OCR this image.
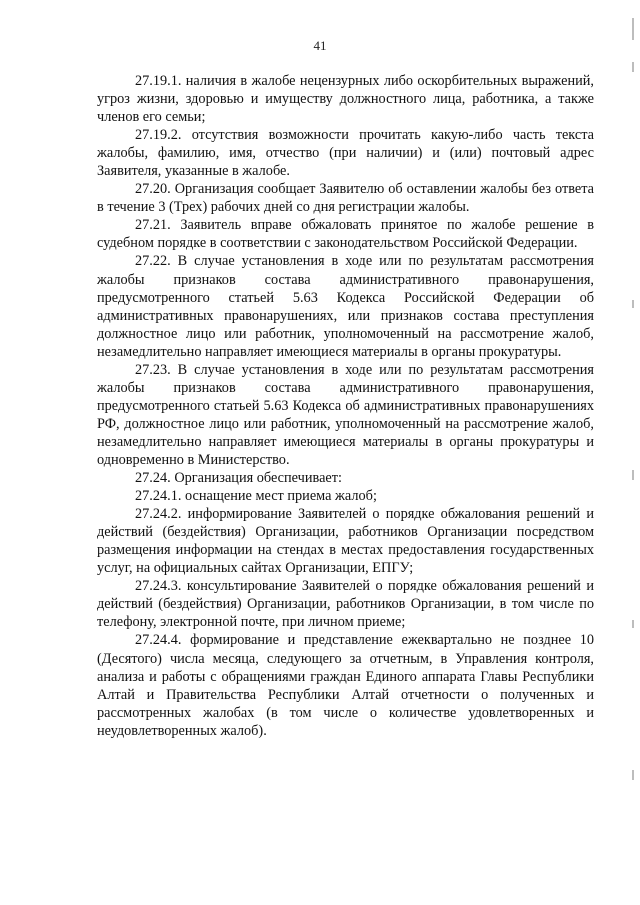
41

27.19.1. наличия в жалобе нецензурных либо оскорбительных выражений, угроз жизни, здоровью и имуществу должностного лица, работника, а также членов его семьи;

27.19.2. отсутствия возможности прочитать какую-либо часть текста жалобы, фамилию, имя, отчество (при наличии) и (или) почтовый адрес Заявителя, указанные в жалобе.

27.20. Организация сообщает Заявителю об оставлении жалобы без ответа в течение 3 (Трех) рабочих дней со дня регистрации жалобы.

27.21. Заявитель вправе обжаловать принятое по жалобе решение в судебном порядке в соответствии с законодательством Российской Федерации.

27.22. В случае установления в ходе или по результатам рассмотрения жалобы признаков состава административного правонарушения, предусмотренного статьей 5.63 Кодекса Российской Федерации об административных правонарушениях, или признаков состава преступления должностное лицо или работник, уполномоченный на рассмотрение жалоб, незамедлительно направляет имеющиеся материалы в органы прокуратуры.

27.23. В случае установления в ходе или по результатам рассмотрения жалобы признаков состава административного правонарушения, предусмотренного статьей 5.63 Кодекса об административных правонарушениях РФ, должностное лицо или работник, уполномоченный на рассмотрение жалоб, незамедлительно направляет имеющиеся материалы в органы прокуратуры и одновременно в Министерство.

27.24. Организация обеспечивает:

27.24.1. оснащение мест приема жалоб;

27.24.2. информирование Заявителей о порядке обжалования решений и действий (бездействия) Организации, работников Организации посредством размещения информации на стендах в местах предоставления государственных услуг, на официальных сайтах Организации, ЕПГУ;

27.24.3. консультирование Заявителей о порядке обжалования решений и действий (бездействия) Организации, работников Организации, в том числе по телефону, электронной почте, при личном приеме;

27.24.4. формирование и представление ежеквартально не позднее 10 (Десятого) числа месяца, следующего за отчетным, в Управления контроля, анализа и работы с обращениями граждан Единого аппарата Главы Республики Алтай и Правительства Республики Алтай отчетности о полученных и рассмотренных жалобах (в том числе о количестве удовлетворенных и неудовлетворенных жалоб).
